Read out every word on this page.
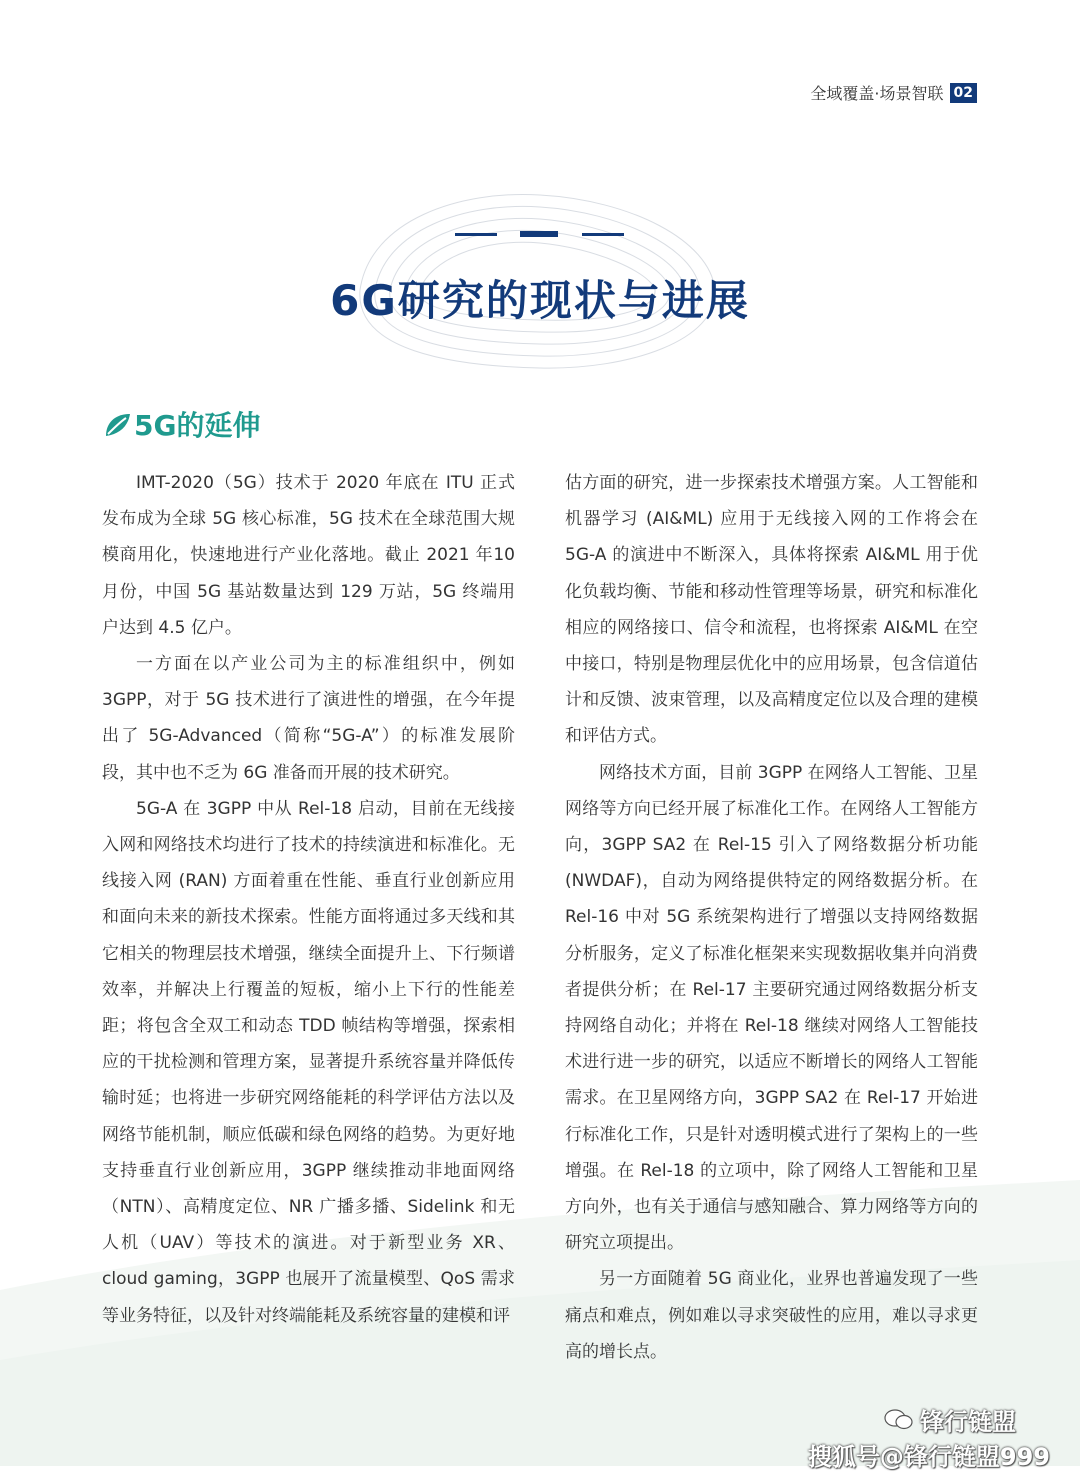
全域覆盖·场景智联 02
6G研究的现状与进展
5G的延伸

IMT-2020（5G）技术于 2020 年底在 ITU 正式发布成为全球 5G 核心标准，5G 技术在全球范围大规模商用化，快速地进行产业化落地。截止 2021 年10 月份，中国 5G 基站数量达到 129 万站，5G 终端用户达到 4.5 亿户。

一方面在以产业公司为主的标准组织中，例如 3GPP，对于 5G 技术进行了演进性的增强，在今年提出了 5G-Advanced（简称“5G-A”）的标准发展阶段，其中也不乏为 6G 准备而开展的技术研究。

5G-A 在 3GPP 中从 Rel-18 启动，目前在无线接入网和网络技术均进行了技术的持续演进和标准化。无线接入网 (RAN) 方面着重在性能、垂直行业创新应用和面向未来的新技术探索。性能方面将通过多天线和其它相关的物理层技术增强，继续全面提升上、下行频谱效率，并解决上行覆盖的短板，缩小上下行的性能差距；将包含全双工和动态 TDD 帧结构等增强，探索相应的干扰检测和管理方案，显著提升系统容量并降低传输时延；也将进一步研究网络能耗的科学评估方法以及网络节能机制，顺应低碳和绿色网络的趋势。为更好地支持垂直行业创新应用，3GPP 继续推动非地面网络（NTN）、高精度定位、NR 广播多播、Sidelink 和无人机（UAV）等技术的演进。对于新型业务 XR、cloud gaming，3GPP 也展开了流量模型、QoS 需求等业务特征，以及针对终端能耗及系统容量的建模和评

估方面的研究，进一步探索技术增强方案。人工智能和机器学习 (AI&ML) 应用于无线接入网的工作将会在 5G-A 的演进中不断深入，具体将探索 AI&ML 用于优化负载均衡、节能和移动性管理等场景，研究和标准化相应的网络接口、信令和流程，也将探索 AI&ML 在空中接口，特别是物理层优化中的应用场景，包含信道估计和反馈、波束管理，以及高精度定位以及合理的建模和评估方式。

网络技术方面，目前 3GPP 在网络人工智能、卫星网络等方向已经开展了标准化工作。在网络人工智能方向，3GPP SA2 在 Rel-15 引入了网络数据分析功能 (NWDAF)，自动为网络提供特定的网络数据分析。在 Rel-16 中对 5G 系统架构进行了增强以支持网络数据分析服务，定义了标准化框架来实现数据收集并向消费者提供分析；在 Rel-17 主要研究通过网络数据分析支持网络自动化；并将在 Rel-18 继续对网络人工智能技术进行进一步的研究，以适应不断增长的网络人工智能需求。在卫星网络方向，3GPP SA2 在 Rel-17 开始进行标准化工作，只是针对透明模式进行了架构上的一些增强。在 Rel-18 的立项中，除了网络人工智能和卫星方向外，也有关于通信与感知融合、算力网络等方向的研究立项提出。

另一方面随着 5G 商业化，业界也普遍发现了一些痛点和难点，例如难以寻求突破性的应用，难以寻求更高的增长点。

锋行链盟
搜狐号@锋行链盟999
